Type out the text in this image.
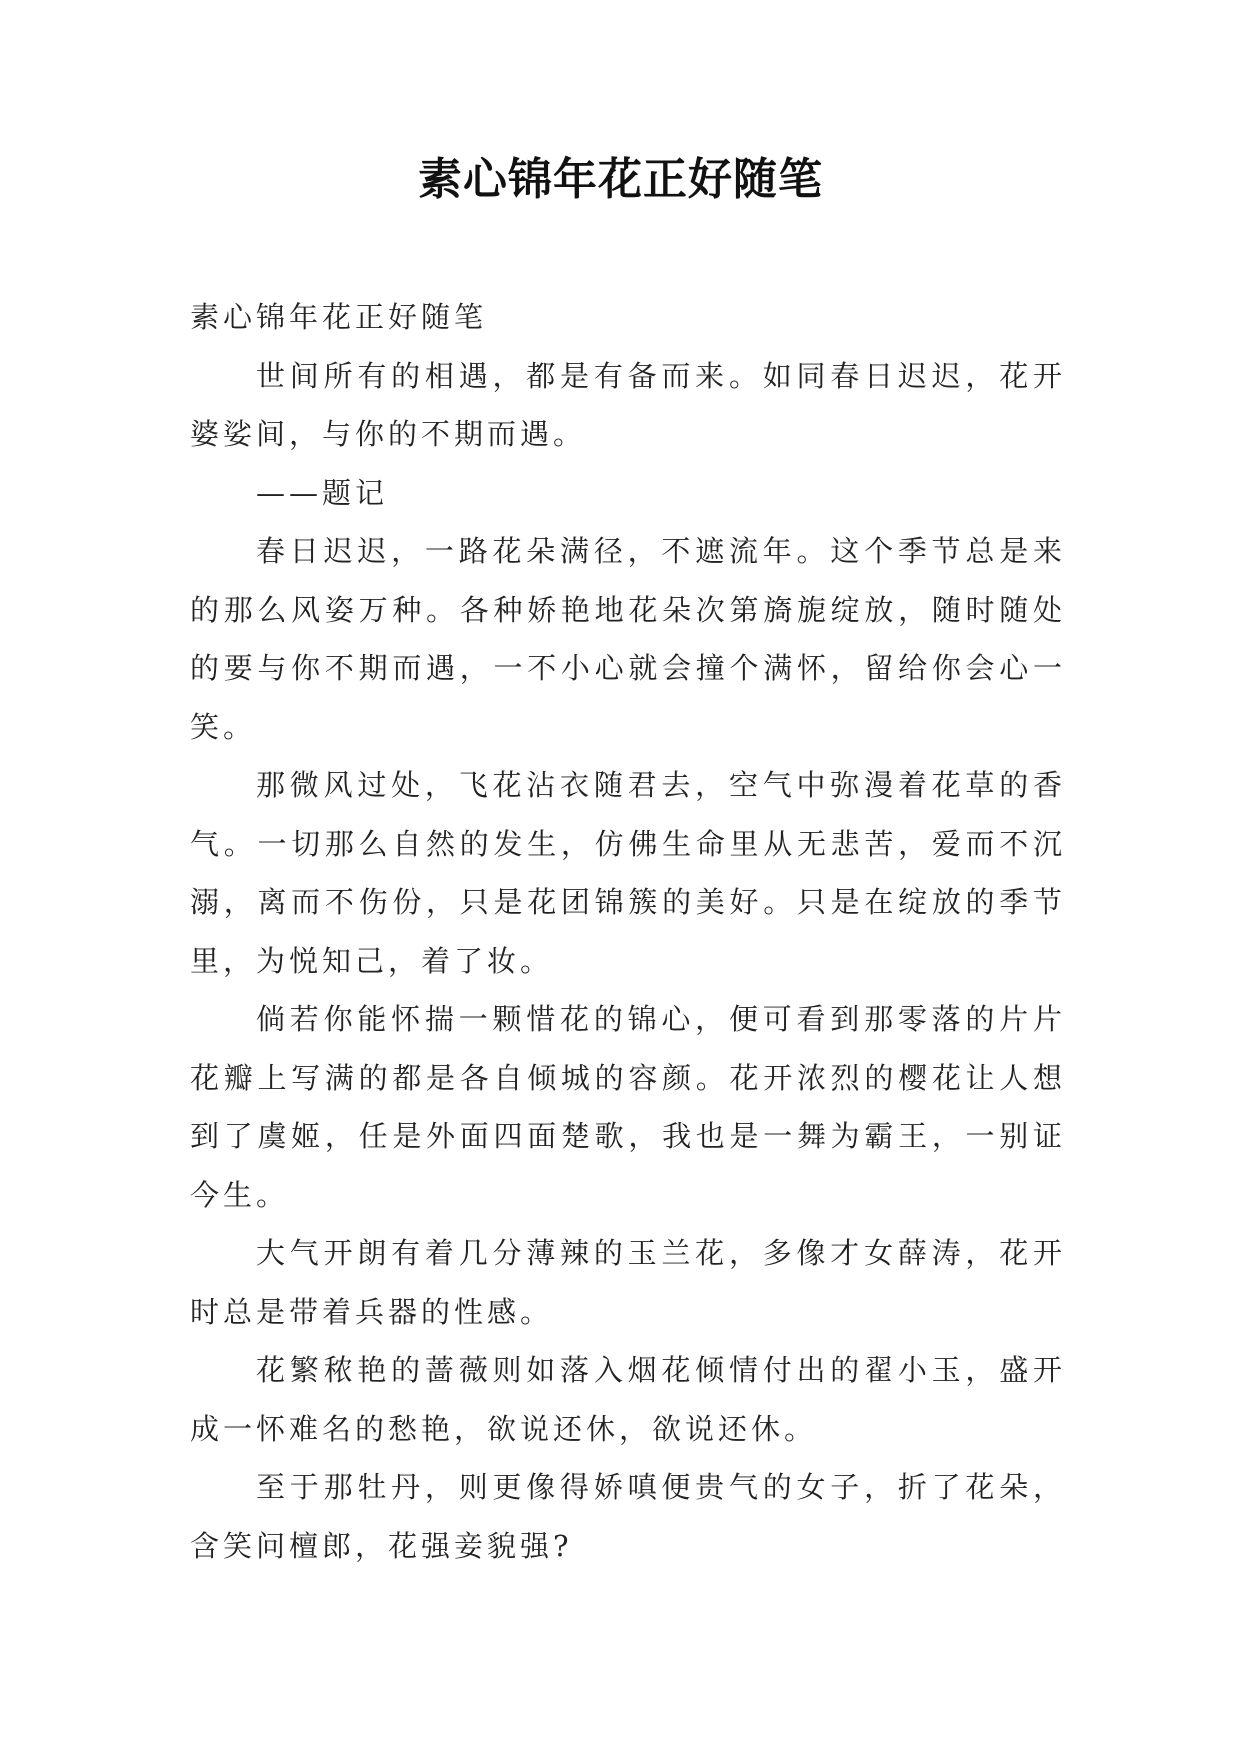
素心锦年花正好随笔

素心锦年花正好随笔

世间所有的相遇，都是有备而来。如同春日迟迟，花开婆娑间，与你的不期而遇。

——题记

春日迟迟，一路花朵满径，不遮流年。这个季节总是来的那么风姿万种。各种娇艳地花朵次第旖旎绽放，随时随处的要与你不期而遇，一不小心就会撞个满怀，留给你会心一笑。

那微风过处，飞花沾衣随君去，空气中弥漫着花草的香气。一切那么自然的发生，仿佛生命里从无悲苦，爱而不沉溺，离而不伤份，只是花团锦簇的美好。只是在绽放的季节里，为悦知己，着了妆。

倘若你能怀揣一颗惜花的锦心，便可看到那零落的片片花瓣上写满的都是各自倾城的容颜。花开浓烈的樱花让人想到了虞姬，任是外面四面楚歌，我也是一舞为霸王，一别证今生。

大气开朗有着几分薄辣的玉兰花，多像才女薛涛，花开时总是带着兵器的性感。

花繁秾艳的蔷薇则如落入烟花倾情付出的翟小玉，盛开成一怀难名的愁艳，欲说还休，欲说还休。

至于那牡丹，则更像得娇嗔便贵气的女子，折了花朵，含笑问檀郎，花强妾貌强?
